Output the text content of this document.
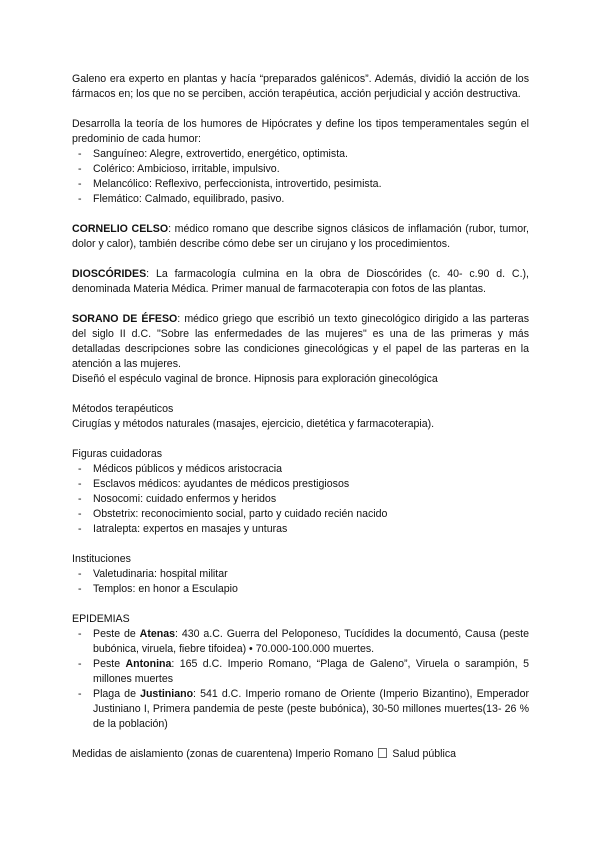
Galeno era experto en plantas y hacía “preparados galénicos”. Además, dividió la acción de los fármacos en; los que no se perciben, acción terapéutica, acción perjudicial y acción destructiva.

Desarrolla la teoría de los humores de Hipócrates y define los tipos temperamentales según el predominio de cada humor:

- Sanguíneo: Alegre, extrovertido, energético, optimista.
- Colérico: Ambicioso, irritable, impulsivo.
- Melancólico: Reflexivo, perfeccionista, introvertido, pesimista.
- Flemático: Calmado, equilibrado, pasivo.

CORNELIO CELSO: médico romano que describe signos clásicos de inflamación (rubor, tumor, dolor y calor), también describe cómo debe ser un cirujano y los procedimientos.

DIOSCÓRIDES: La farmacología culmina en la obra de Dioscórides (c. 40- c.90 d. C.), denominada Materia Médica. Primer manual de farmacoterapia con fotos de las plantas.

SORANO DE ÉFESO: médico griego que escribió un texto ginecológico dirigido a las parteras del siglo II d.C. "Sobre las enfermedades de las mujeres" es una de las primeras y más detalladas descripciones sobre las condiciones ginecológicas y el papel de las parteras en la atención a las mujeres.

Diseñó el espéculo vaginal de bronce. Hipnosis para exploración ginecológica

Métodos terapéuticos

Cirugías y métodos naturales (masajes, ejercicio, dietética y farmacoterapia).

Figuras cuidadoras

- Médicos públicos y médicos aristocracia
- Esclavos médicos: ayudantes de médicos prestigiosos
- Nosocomi: cuidado enfermos y heridos
- Obstetrix: reconocimiento social, parto y cuidado recién nacido
- Iatralepta: expertos en masajes y unturas

Instituciones

- Valetudinaria: hospital militar
- Templos: en honor a Esculapio

EPIDEMIAS

- Peste de Atenas: 430 a.C. Guerra del Peloponeso, Tucídides la documentó, Causa (peste bubónica, viruela, fiebre tifoidea) • 70.000-100.000 muertes.
- Peste Antonina: 165 d.C. Imperio Romano, “Plaga de Galeno”, Viruela o sarampión, 5 millones muertes
- Plaga de Justiniano: 541 d.C. Imperio romano de Oriente (Imperio Bizantino), Emperador Justiniano I, Primera pandemia de peste (peste bubónica), 30-50 millones muertes(13- 26 % de la población)

Medidas de aislamiento (zonas de cuarentena) Imperio Romano Salud pública
